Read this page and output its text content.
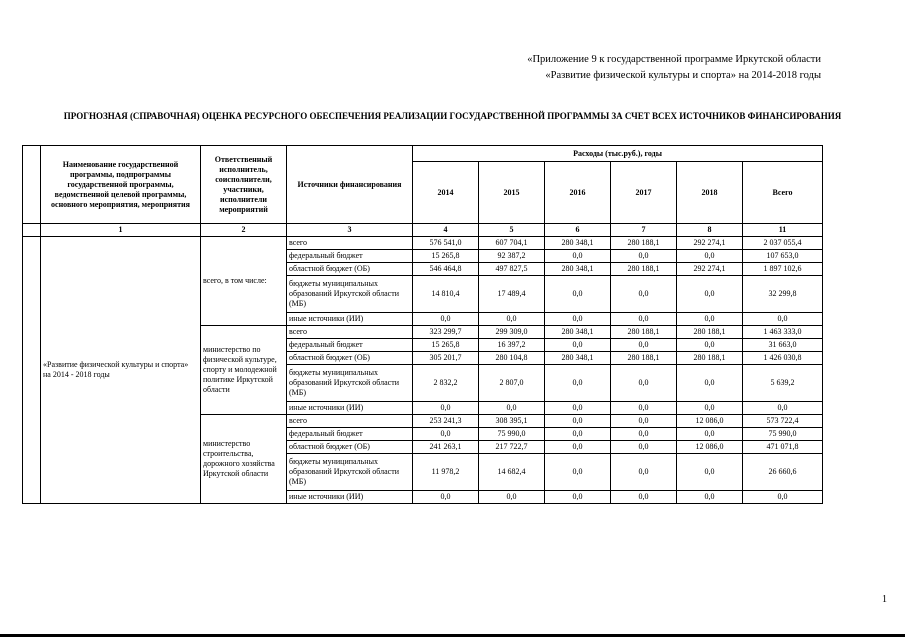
«Приложение 9 к государственной программе Иркутской области
«Развитие физической культуры и спорта» на 2014-2018 годы
ПРОГНОЗНАЯ (СПРАВОЧНАЯ) ОЦЕНКА РЕСУРСНОГО ОБЕСПЕЧЕНИЯ РЕАЛИЗАЦИИ ГОСУДАРСТВЕННОЙ ПРОГРАММЫ ЗА СЧЕТ ВСЕХ ИСТОЧНИКОВ ФИНАНСИРОВАНИЯ
	Наименование государственной программы, подпрограммы государственной программы, ведомственной целевой программы, основного мероприятия, мероприятия	Ответственный исполнитель, соисполнители, участники, исполнители мероприятий	Источники финансирования	Расходы (тыс.руб.), годы					
				2014	2015	2016	2017	2018	Всего
	1	2	3	4	5	6	7	8	11
	«Развитие физической культуры и спорта» на 2014 - 2018 годы	всего, в том числе:	всего	576 541,0	607 704,1	280 348,1	280 188,1	292 274,1	2 037 055,4
			федеральный бюджет	15 265,8	92 387,2	0,0	0,0	0,0	107 653,0
			областной бюджет (ОБ)	546 464,8	497 827,5	280 348,1	280 188,1	292 274,1	1 897 102,6
			бюджеты муниципальных образований Иркутской области (МБ)	14 810,4	17 489,4	0,0	0,0	0,0	32 299,8
			иные источники (ИИ)	0,0	0,0	0,0	0,0	0,0	0,0
		министерство по физической культуре, спорту и молодежной политике Иркутской области	всего	323 299,7	299 309,0	280 348,1	280 188,1	280 188,1	1 463 333,0
			федеральный бюджет	15 265,8	16 397,2	0,0	0,0	0,0	31 663,0
			областной бюджет (ОБ)	305 201,7	280 104,8	280 348,1	280 188,1	280 188,1	1 426 030,8
			бюджеты муниципальных образований Иркутской области (МБ)	2 832,2	2 807,0	0,0	0,0	0,0	5 639,2
			иные источники (ИИ)	0,0	0,0	0,0	0,0	0,0	0,0
		министерство строительства, дорожного хозяйства Иркутской области	всего	253 241,3	308 395,1	0,0	0,0	12 086,0	573 722,4
			федеральный бюджет	0,0	75 990,0	0,0	0,0	0,0	75 990,0
			областной бюджет (ОБ)	241 263,1	217 722,7	0,0	0,0	12 086,0	471 071,8
			бюджеты муниципальных образований Иркутской области (МБ)	11 978,2	14 682,4	0,0	0,0	0,0	26 660,6
			иные источники (ИИ)	0,0	0,0	0,0	0,0	0,0	0,0
1
